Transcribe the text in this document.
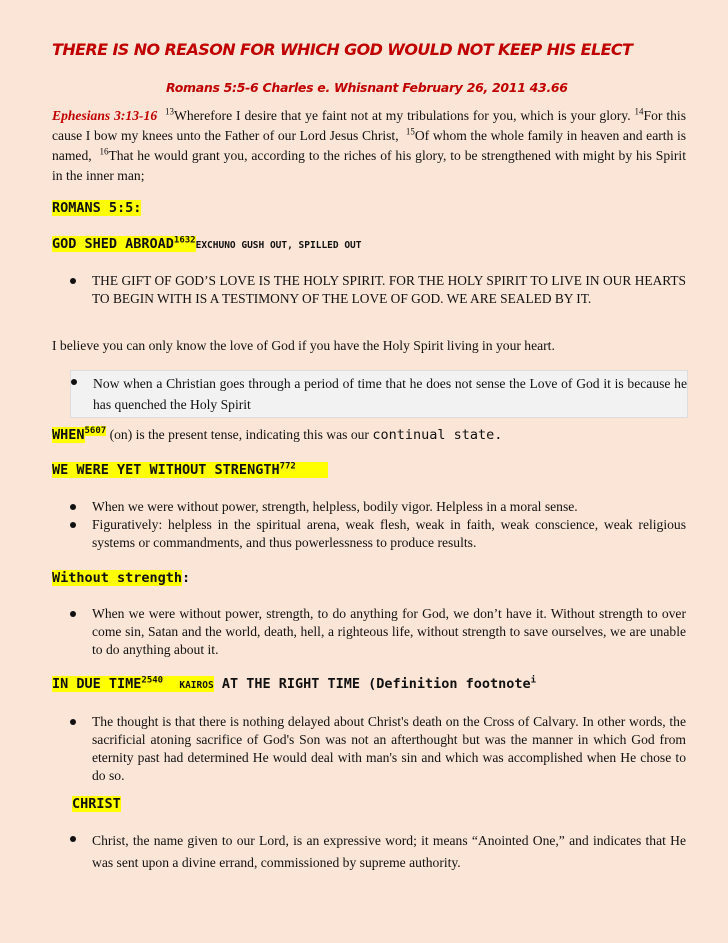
THERE IS NO REASON FOR WHICH GOD WOULD NOT KEEP HIS ELECT
Romans 5:5-6 Charles e. Whisnant February 26, 2011 43.66
Ephesians 3:13-16 $^{13}$Wherefore I desire that ye faint not at my tribulations for you, which is your glory. $^{14}$For this cause I bow my knees unto the Father of our Lord Jesus Christ, $^{15}$Of whom the whole family in heaven and earth is named, $^{16}$That he would grant you, according to the riches of his glory, to be strengthened with might by his Spirit in the inner man;
ROMANS 5:5:
GOD SHED $ABROAD^{1632}EXCHUNO$ GUSH OUT, SPILLED OUT
THE GIFT OF GOD’S LOVE IS THE HOLY SPIRIT. FOR THE HOLY SPIRIT TO LIVE IN OUR HEARTS TO BEGIN WITH IS A TESTIMONY OF THE LOVE OF GOD. WE ARE SEALED BY IT.
I believe you can only know the love of God if you have the Holy Spirit living in your heart.
Now when a Christian goes through a period of time that he does not sense the Love of God it is because he has quenched the Holy Spirit
$WHEN^{5607}$ (on) is the present tense, indicating this was our continual state.
WE WERE YET WITHOUT STRENGTH$^{772}$
When we were without power, strength, helpless, bodily vigor. Helpless in a moral sense.
Figuratively: helpless in the spiritual arena, weak flesh, weak in faith, weak conscience, weak religious systems or commandments, and thus powerlessness to produce results.
Without strength:
When we were without power, strength, to do anything for God, we don’t have it. Without strength to over come sin, Satan and the world, death, hell, a righteous life, without strength to save ourselves, we are unable to do anything about it.
IN DUE $TIME^{2540}$ KAIROS AT THE RIGHT TIME (Definition footnote$^i$
The thought is that there is nothing delayed about Christ's death on the Cross of Calvary. In other words, the sacrificial atoning sacrifice of God's Son was not an afterthought but was the manner in which God from eternity past had determined He would deal with man's sin and which was accomplished when He chose to do so.
CHRIST
Christ, the name given to our Lord, is an expressive word; it means “Anointed One,” and indicates that He was sent upon a divine errand, commissioned by supreme authority.
